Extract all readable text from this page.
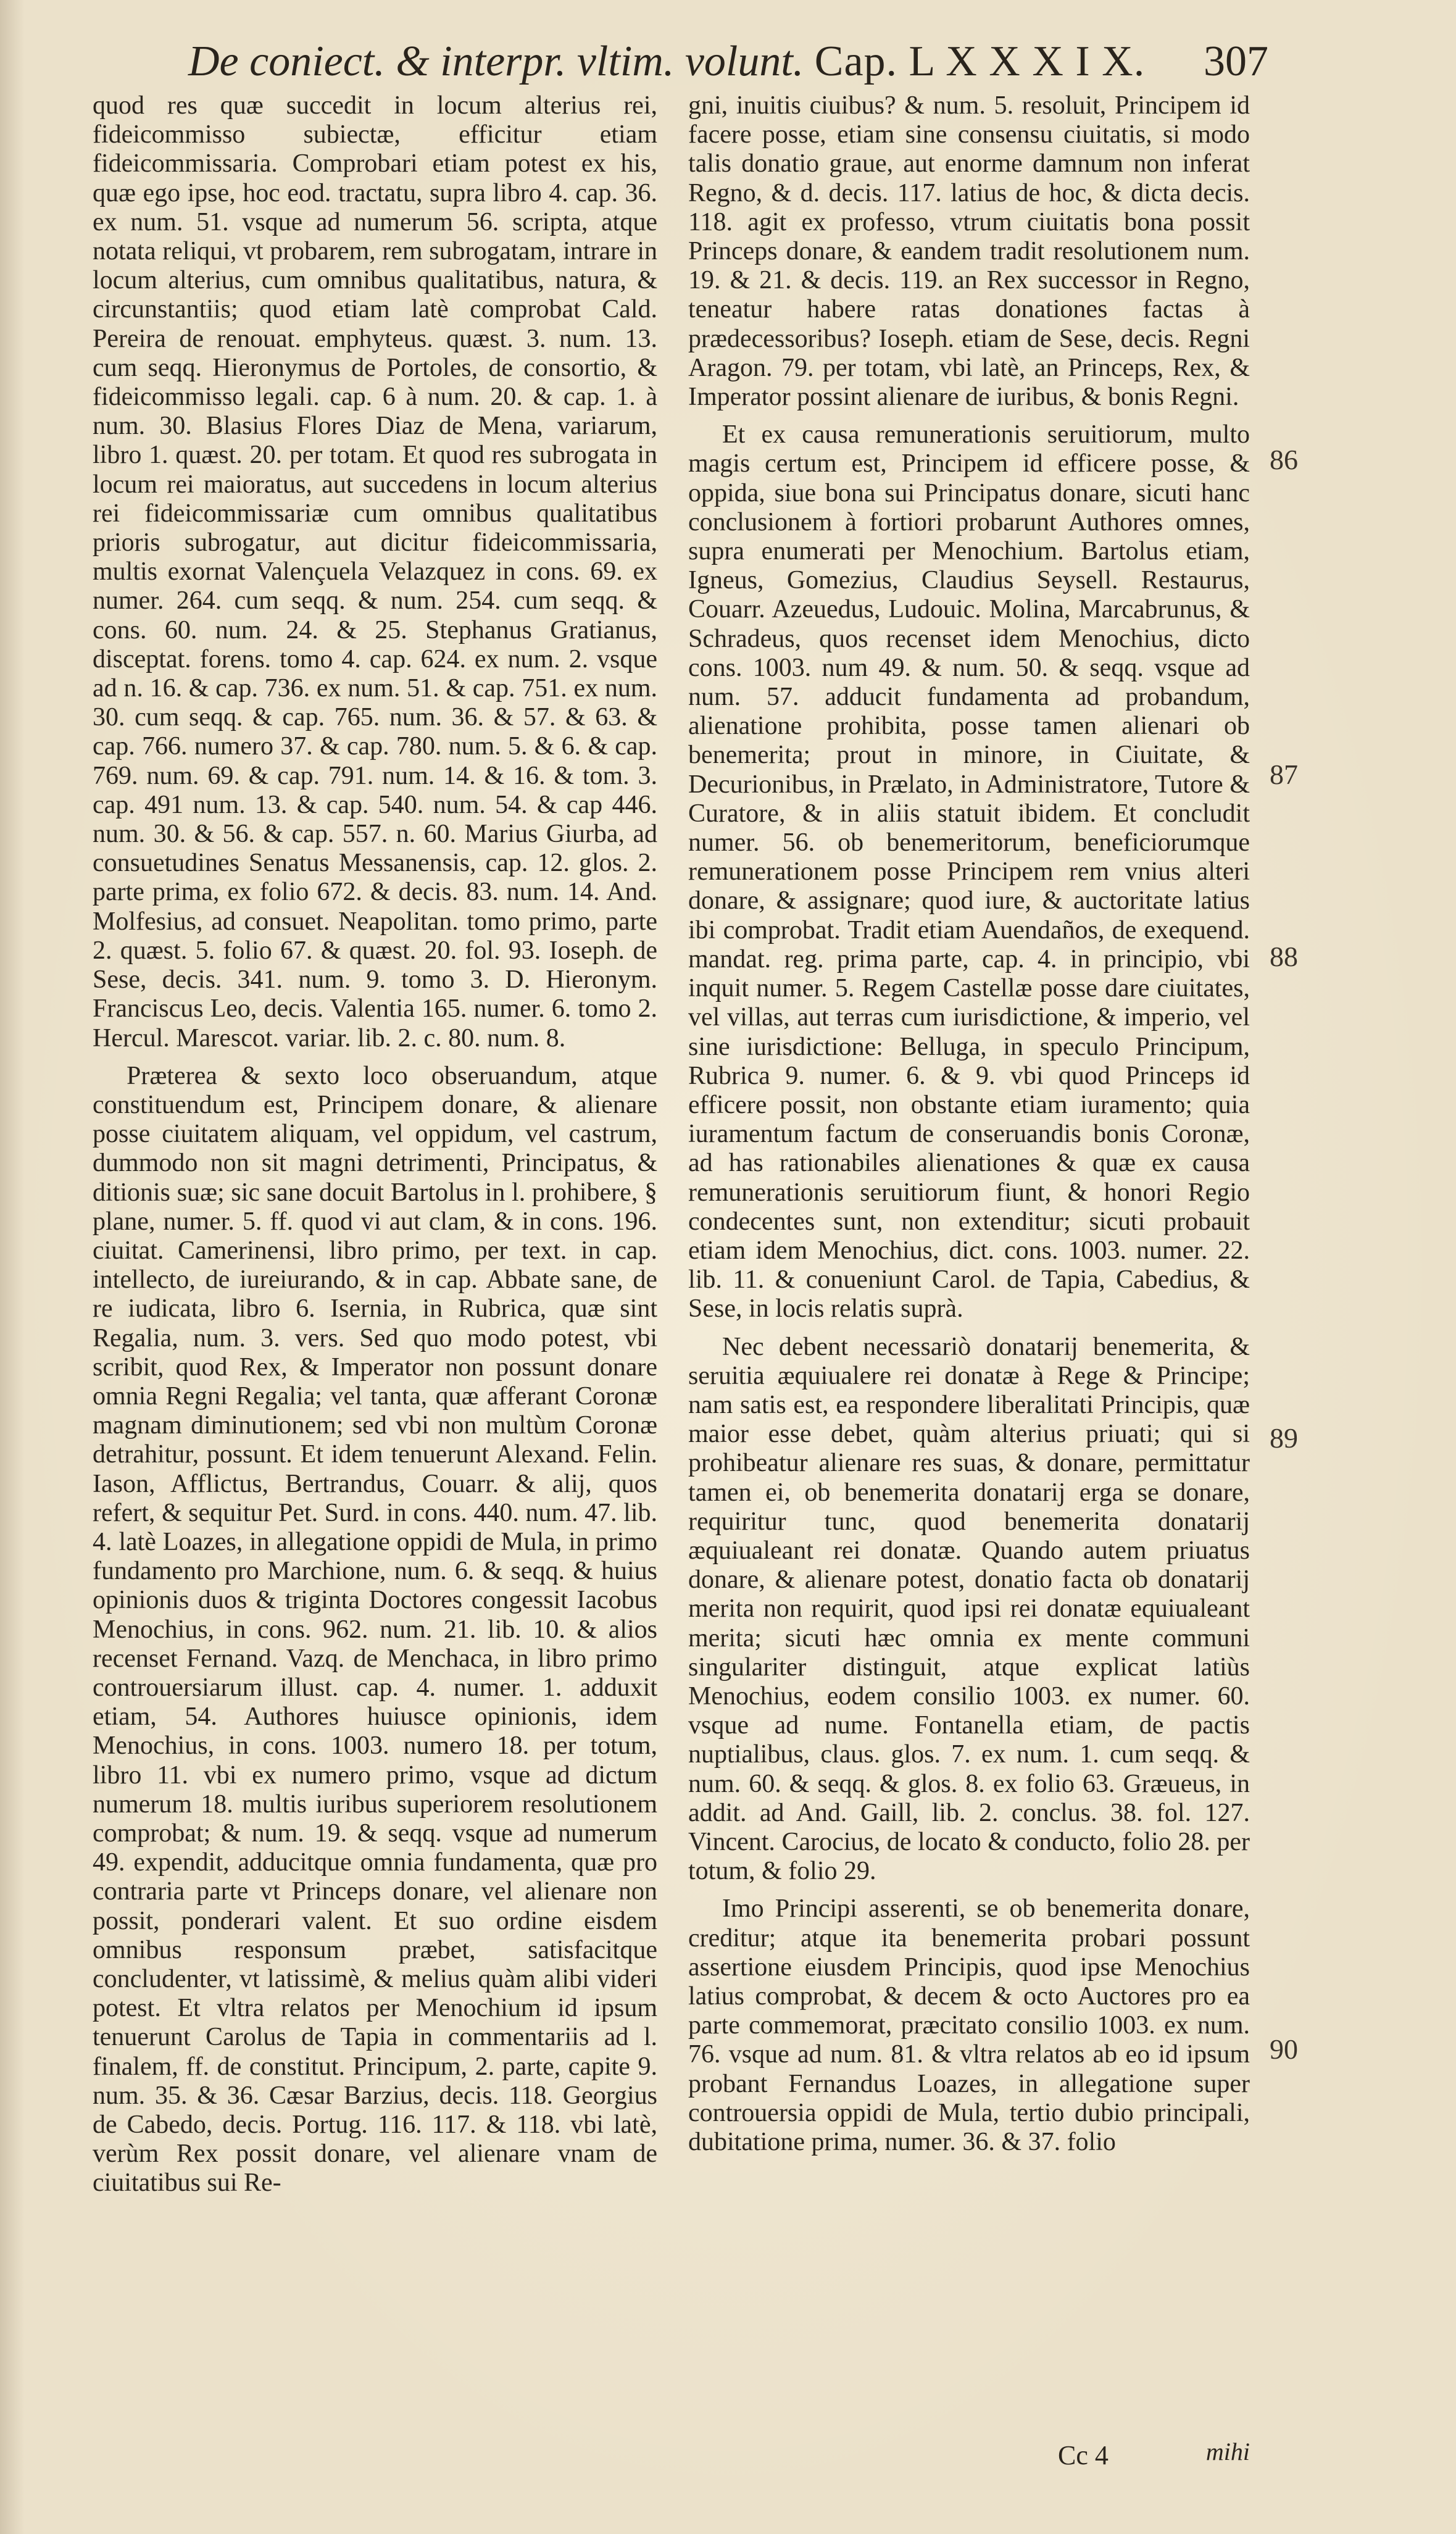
De coniect. & interpr. vltim. volunt. Cap. L X X X I X.	307

quod res quæ succedit in locum alterius rei, fideicommisso subiectæ, efficitur etiam fideicommissaria. Comprobari etiam potest ex his, quæ ego ipse, hoc eod. tractatu, supra libro 4. cap. 36. ex num. 51. vsque ad numerum 56. scripta, atque notata reliqui, vt probarem, rem subrogatam, intrare in locum alterius, cum omnibus qualitatibus, natura, & circunstantiis; quod etiam latè comprobat Cald. Pereira de renouat. emphyteus. quæst. 3. num. 13. cum seqq. Hieronymus de Portoles, de consortio, & fideicommisso legali. cap. 6 à num. 20. & cap. 1. à num. 30. Blasius Flores Diaz de Mena, variarum, libro 1. quæst. 20. per totam. Et quod res subrogata in locum rei maioratus, aut succedens in locum alterius rei fideicommissariæ cum omnibus qualitatibus prioris subrogatur, aut dicitur fideicommissaria, multis exornat Valençuela Velazquez in cons. 69. ex numer. 264. cum seqq. & num. 254. cum seqq. & cons. 60. num. 24. & 25. Stephanus Gratianus, disceptat. forens. tomo 4. cap. 624. ex num. 2. vsque ad n. 16. & cap. 736. ex num. 51. & cap. 751. ex num. 30. cum seqq. & cap. 765. num. 36. & 57. & 63. & cap. 766. numero 37. & cap. 780. num. 5. & 6. & cap. 769. num. 69. & cap. 791. num. 14. & 16. & tom. 3. cap. 491 num. 13. & cap. 540. num. 54. & cap 446. num. 30. & 56. & cap. 557. n. 60. Marius Giurba, ad consuetudines Senatus Messanensis, cap. 12. glos. 2. parte prima, ex folio 672. & decis. 83. num. 14. And. Molfesius, ad consuet. Neapolitan. tomo primo, parte 2. quæst. 5. folio 67. & quæst. 20. fol. 93. Ioseph. de Sese, decis. 341. num. 9. tomo 3. D. Hieronym. Franciscus Leo, decis. Valentia 165. numer. 6. tomo 2. Hercul. Marescot. variar. lib. 2. c. 80. num. 8.

Præterea & sexto loco obseruandum, atque constituendum est, Principem donare, & alienare posse ciuitatem aliquam, vel oppidum, vel castrum, dummodo non sit magni detrimenti, Principatus, & ditionis suæ; sic sane docuit Bartolus in l. prohibere, § plane, numer. 5. ff. quod vi aut clam, & in cons. 196. ciuitat. Camerinensi, libro primo, per text. in cap. intellecto, de iureiurando, & in cap. Abbate sane, de re iudicata, libro 6. Isernia, in Rubrica, quæ sint Regalia, num. 3. vers. Sed quo modo potest, vbi scribit, quod Rex, & Imperator non possunt donare omnia Regni Regalia; vel tanta, quæ afferant Coronæ magnam diminutionem; sed vbi non multùm Coronæ detrahitur, possunt. Et idem tenuerunt Alexand. Felin. Iason, Afflictus, Bertrandus, Couarr. & alij, quos refert, & sequitur Pet. Surd. in cons. 440. num. 47. lib. 4. latè Loazes, in allegatione oppidi de Mula, in primo fundamento pro Marchione, num. 6. & seqq. & huius opinionis duos & triginta Doctores congessit Iacobus Menochius, in cons. 962. num. 21. lib. 10. & alios recenset Fernand. Vazq. de Menchaca, in libro primo controuersiarum illust. cap. 4. numer. 1. adduxit etiam, 54. Authores huiusce opinionis, idem Menochius, in cons. 1003. numero 18. per totum, libro 11. vbi ex numero primo, vsque ad dictum numerum 18. multis iuribus superiorem resolutionem comprobat; & num. 19. & seqq. vsque ad numerum 49. expendit, adducitque omnia fundamenta, quæ pro contraria parte vt Princeps donare, vel alienare non possit, ponderari valent. Et suo ordine eisdem omnibus responsum præbet, satisfacitque concludenter, vt latissimè, & melius quàm alibi videri potest. Et vltra relatos per Menochium id ipsum tenuerunt Carolus de Tapia in commentariis ad l. finalem, ff. de constitut. Principum, 2. parte, capite 9. num. 35. & 36. Cæsar Barzius, decis. 118. Georgius de Cabedo, decis. Portug. 116. 117. & 118. vbi latè, verùm Rex possit donare, vel alienare vnam de ciuitatibus sui Re-

gni, inuitis ciuibus? & num. 5. resoluit, Principem id facere posse, etiam sine consensu ciuitatis, si modo talis donatio graue, aut enorme damnum non inferat Regno, & d. decis. 117. latius de hoc, & dicta decis. 118. agit ex professo, vtrum ciuitatis bona possit Princeps donare, & eandem tradit resolutionem num. 19. & 21. & decis. 119. an Rex successor in Regno, teneatur habere ratas donationes factas à prædecessoribus? Ioseph. etiam de Sese, decis. Regni Aragon. 79. per totam, vbi latè, an Princeps, Rex, & Imperator possint alienare de iuribus, & bonis Regni.

Et ex causa remunerationis seruitiorum, multo magis certum est, Principem id efficere posse, & oppida, siue bona sui Principatus donare, sicuti hanc conclusionem à fortiori probarunt Authores omnes, supra enumerati per Menochium. Bartolus etiam, Igneus, Gomezius, Claudius Seysell. Restaurus, Couarr. Azeuedus, Ludouic. Molina, Marcabrunus, & Schradeus, quos recenset idem Menochius, dicto cons. 1003. num 49. & num. 50. & seqq. vsque ad num. 57. adducit fundamenta ad probandum, alienatione prohibita, posse tamen alienari ob benemerita; prout in minore, in Ciuitate, & Decurionibus, in Prælato, in Administratore, Tutore & Curatore, & in aliis statuit ibidem. Et concludit numer. 56. ob benemeritorum, beneficiorumque remunerationem posse Principem rem vnius alteri donare, & assignare; quod iure, & auctoritate latius ibi comprobat. Tradit etiam Auendaños, de exequend. mandat. reg. prima parte, cap. 4. in principio, vbi inquit numer. 5. Regem Castellæ posse dare ciuitates, vel villas, aut terras cum iurisdictione, & imperio, vel sine iurisdictione: Belluga, in speculo Principum, Rubrica 9. numer. 6. & 9. vbi quod Princeps id efficere possit, non obstante etiam iuramento; quia iuramentum factum de conseruandis bonis Coronæ, ad has rationabiles alienationes & quæ ex causa remunerationis seruitiorum fiunt, & honori Regio condecentes sunt, non extenditur; sicuti probauit etiam idem Menochius, dict. cons. 1003. numer. 22. lib. 11. & conueniunt Carol. de Tapia, Cabedius, & Sese, in locis relatis suprà.

Nec debent necessariò donatarij benemerita, & seruitia æquiualere rei donatæ à Rege & Principe; nam satis est, ea respondere liberalitati Principis, quæ maior esse debet, quàm alterius priuati; qui si prohibeatur alienare res suas, & donare, permittatur tamen ei, ob benemerita donatarij erga se donare, requiritur tunc, quod benemerita donatarij æquiualeant rei donatæ. Quando autem priuatus donare, & alienare potest, donatio facta ob donatarij merita non requirit, quod ipsi rei donatæ equiualeant merita; sicuti hæc omnia ex mente communi singulariter distinguit, atque explicat latiùs Menochius, eodem consilio 1003. ex numer. 60. vsque ad nume. Fontanella etiam, de pactis nuptialibus, claus. glos. 7. ex num. 1. cum seqq. & num. 60. & seqq. & glos. 8. ex folio 63. Græueus, in addit. ad And. Gaill, lib. 2. conclus. 38. fol. 127. Vincent. Carocius, de locato & conducto, folio 28. per totum, & folio 29.

Imo Principi asserenti, se ob benemerita donare, creditur; atque ita benemerita probari possunt assertione eiusdem Principis, quod ipse Menochius latius comprobat, & decem & octo Auctores pro ea parte commemorat, præcitato consilio 1003. ex num. 76. vsque ad num. 81. & vltra relatos ab eo id ipsum probant Fernandus Loazes, in allegatione super controuersia oppidi de Mula, tertio dubio principali, dubitatione prima, numer. 36. & 37. folio

86
87
88
89
90
Cc 4	mihi
